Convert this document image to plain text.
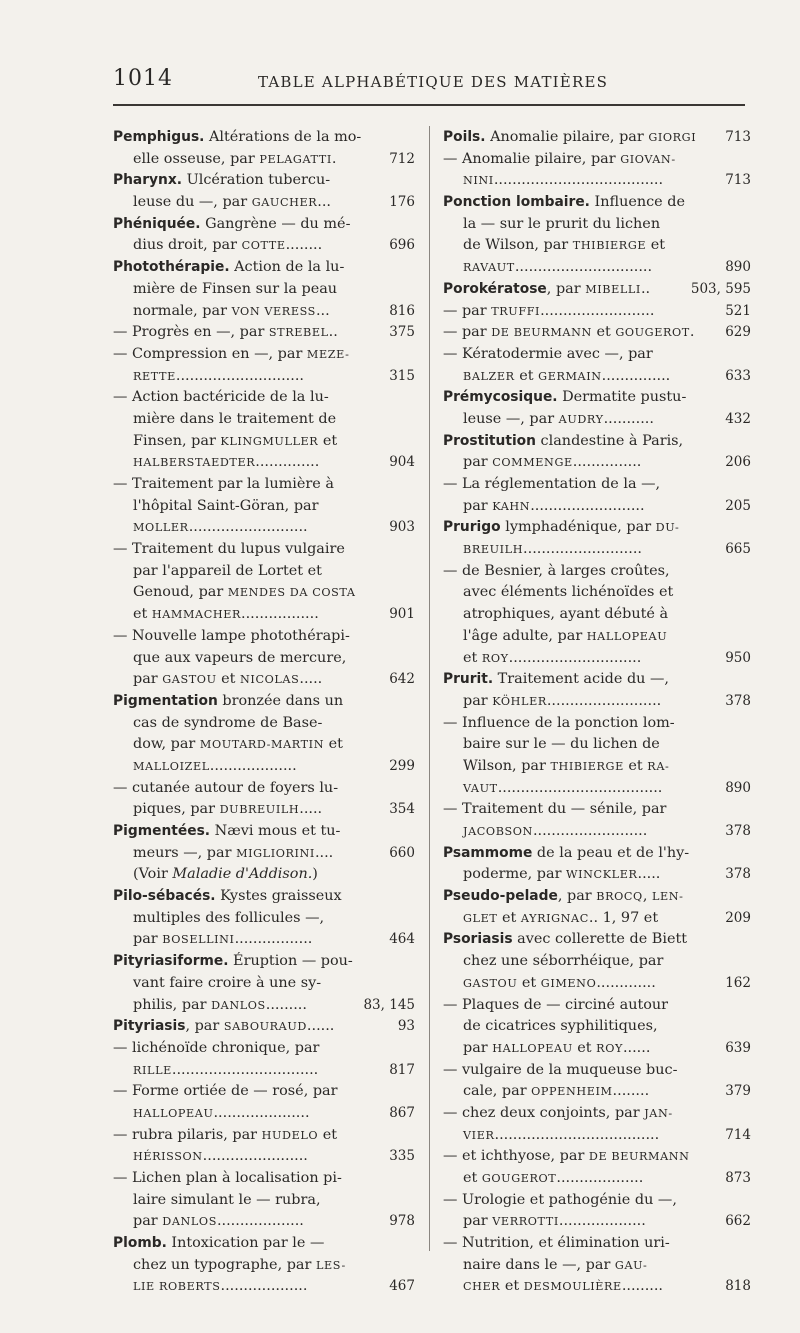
1014	TABLE ALPHABÉTIQUE DES MATIÈRES
Pemphigus. Altérations de la mo-
elle osseuse, par PELAGATTI.	712
Pharynx. Ulcération tubercu-
leuse du —, par GAUCHER...	176
Phéniquée. Gangrène — du mé-
dius droit, par COTTE........	696
Photothérapie. Action de la lu-
mière de Finsen sur la peau
normale, par VON VERESS...	816
— Progrès en —, par STREBEL..	375
— Compression en —, par MEZE-
RETTE............................	315
— Action bactéricide de la lu-
mière dans le traitement de
Finsen, par KLINGMULLER et
HALBERSTAEDTER..............	904
— Traitement par la lumière à
l'hôpital Saint-Göran, par
MOLLER..........................	903
— Traitement du lupus vulgaire
par l'appareil de Lortet et
Genoud, par MENDES DA COSTA
et HAMMACHER.................	901
— Nouvelle lampe photothérapi-
que aux vapeurs de mercure,
par GASTOU et NICOLAS.....	642
Pigmentation bronzée dans un
cas de syndrome de Base-
dow, par MOUTARD-MARTIN et
MALLOIZEL...................	299
— cutanée autour de foyers lu-
piques, par DUBREUILH.....	354
Pigmentées. Nævi mous et tu-
meurs —, par MIGLIORINI....	660
(Voir Maladie d'Addison.)
Pilo-sébacés. Kystes graisseux
multiples des follicules —,
par BOSELLINI.................	464
Pityriasiforme. Éruption — pou-
vant faire croire à une sy-
philis, par DANLOS.........	83, 145
Pityriasis, par SABOURAUD......	93
— lichénoïde chronique, par
RILLE................................	817
— Forme ortiée de — rosé, par
HALLOPEAU.....................	867
— rubra pilaris, par HUDELO et
HÉRISSON.......................	335
— Lichen plan à localisation pi-
laire simulant le — rubra,
par DANLOS...................	978
Plomb. Intoxication par le —
chez un typographe, par LES-
LIE ROBERTS...................	467
Poils. Anomalie pilaire, par GIORGI 713
— Anomalie pilaire, par GIOVAN-
NINI.....................................	713
Ponction lombaire. Influence de
la — sur le prurit du lichen
de Wilson, par THIBIERGE et
RAVAUT..............................	890
Porokératose, par MIBELLI..	503, 595
— par TRUFFI.........................	521
— par DE BEURMANN et GOUGEROT. 629
— Kératodermie avec —, par
BALZER et GERMAIN...............	633
Prémycosique. Dermatite pustu-
leuse —, par AUDRY...........	432
Prostitution clandestine à Paris,
par COMMENGE...............	206
— La réglementation de la —,
par KAHN.........................	205
Prurigo lymphadénique, par DU-
BREUILH..........................	665
— de Besnier, à larges croûtes,
avec éléments lichénoïdes et
atrophiques, ayant débuté à
l'âge adulte, par HALLOPEAU
et ROY.............................	950
Prurit. Traitement acide du —,
par KÖHLER.........................	378
— Influence de la ponction lom-
baire sur le — du lichen de
Wilson, par THIBIERGE et RA-
VAUT....................................	890
— Traitement du — sénile, par
JACOBSON.........................	378
Psammome de la peau et de l'hy-
poderme, par WINCKLER.....	378
Pseudo-pelade, par BROCQ, LEN-
GLET et AYRIGNAC.. 1, 97 et	209
Psoriasis avec collerette de Biett
chez une séborrhéique, par
GASTOU et GIMENO.............	162
— Plaques de — circiné autour
de cicatrices syphilitiques,
par HALLOPEAU et ROY......	639
— vulgaire de la muqueuse buc-
cale, par OPPENHEIM........	379
— chez deux conjoints, par JAN-
VIER....................................	714
— et ichthyose, par DE BEURMANN
et GOUGEROT...................	873
— Urologie et pathogénie du —,
par VERROTTI...................	662
— Nutrition, et élimination uri-
naire dans le —, par GAU-
CHER et DESMOULIÈRE.........	818
